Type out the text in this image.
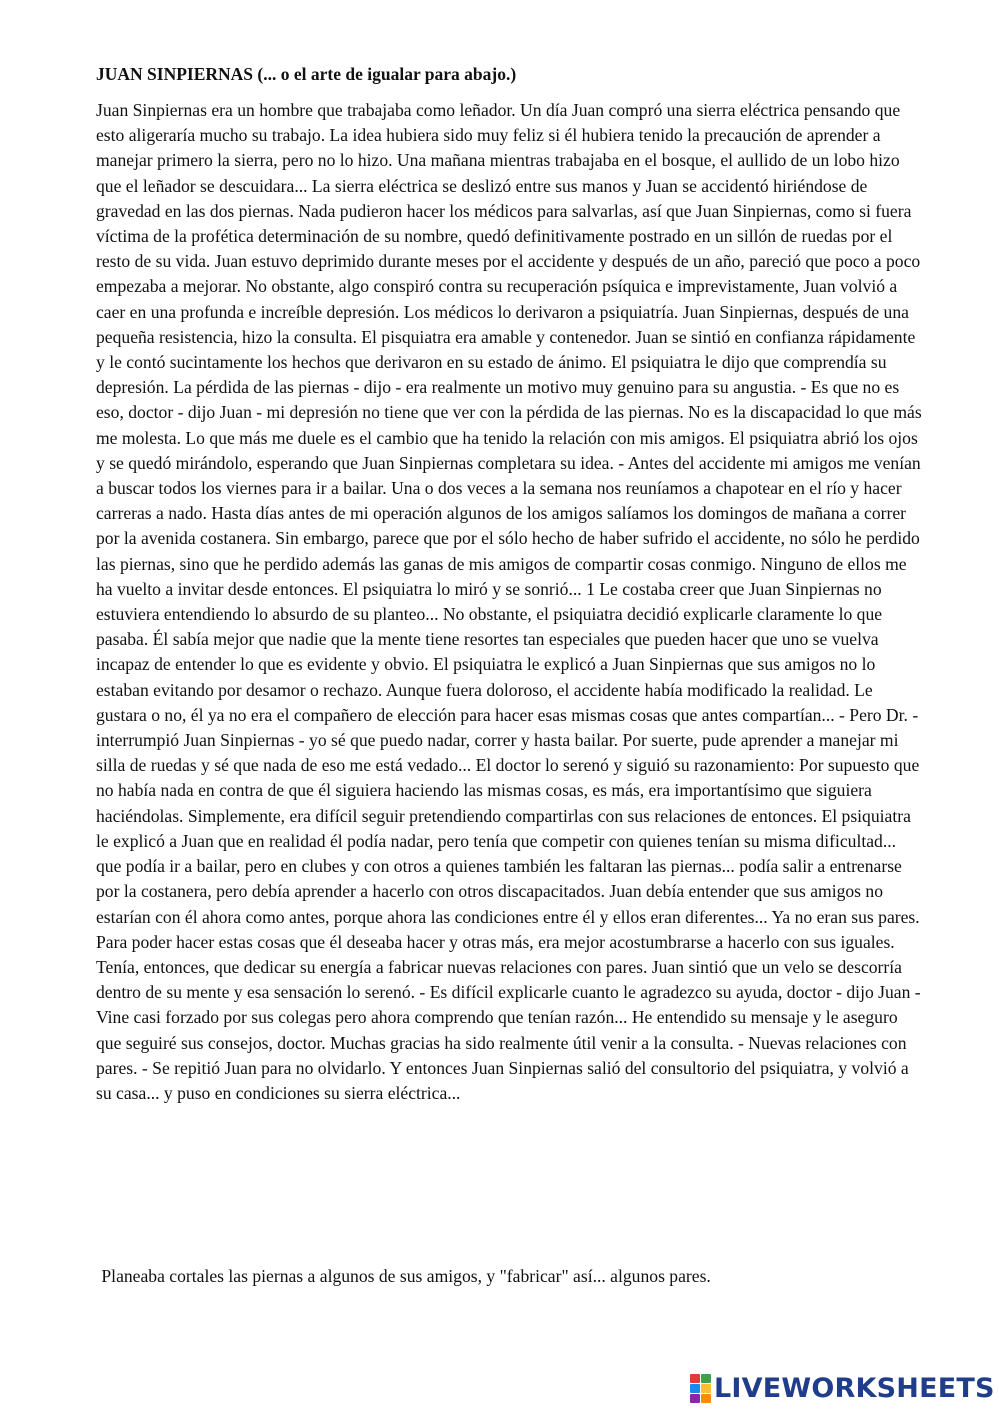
JUAN SINPIERNAS (... o el arte de igualar para abajo.)
Juan Sinpiernas era un hombre que trabajaba como leñador. Un día Juan compró una sierra eléctrica pensando que esto aligeraría mucho su trabajo. La idea hubiera sido muy feliz si él hubiera tenido la precaución de aprender a manejar primero la sierra, pero no lo hizo. Una mañana mientras trabajaba en el bosque, el aullido de un lobo hizo que el leñador se descuidara... La sierra eléctrica se deslizó entre sus manos y Juan se accidentó hiriéndose de gravedad en las dos piernas. Nada pudieron hacer los médicos para salvarlas, así que Juan Sinpiernas, como si fuera víctima de la profética determinación de su nombre, quedó definitivamente postrado en un sillón de ruedas por el resto de su vida. Juan estuvo deprimido durante meses por el accidente y después de un año, pareció que poco a poco empezaba a mejorar. No obstante, algo conspiró contra su recuperación psíquica e imprevistamente, Juan volvió a caer en una profunda e increíble depresión. Los médicos lo derivaron a psiquiatría. Juan Sinpiernas, después de una pequeña resistencia, hizo la consulta. El pisquiatra era amable y contenedor. Juan se sintió en confianza rápidamente y le contó sucintamente los hechos que derivaron en su estado de ánimo. El psiquiatra le dijo que comprendía su depresión. La pérdida de las piernas - dijo - era realmente un motivo muy genuino para su angustia. - Es que no es eso, doctor - dijo Juan - mi depresión no tiene que ver con la pérdida de las piernas. No es la discapacidad lo que más me molesta. Lo que más me duele es el cambio que ha tenido la relación con mis amigos. El psiquiatra abrió los ojos y se quedó mirándolo, esperando que Juan Sinpiernas completara su idea. - Antes del accidente mi amigos me venían a buscar todos los viernes para ir a bailar. Una o dos veces a la semana nos reuníamos a chapotear en el río y hacer carreras a nado. Hasta días antes de mi operación algunos de los amigos salíamos los domingos de mañana a correr por la avenida costanera. Sin embargo, parece que por el sólo hecho de haber sufrido el accidente, no sólo he perdido las piernas, sino que he perdido además las ganas de mis amigos de compartir cosas conmigo. Ninguno de ellos me ha vuelto a invitar desde entonces. El psiquiatra lo miró y se sonrió... 1 Le costaba creer que Juan Sinpiernas no estuviera entendiendo lo absurdo de su planteo... No obstante, el psiquiatra decidió explicarle claramente lo que pasaba. Él sabía mejor que nadie que la mente tiene resortes tan especiales que pueden hacer que uno se vuelva incapaz de entender lo que es evidente y obvio. El psiquiatra le explicó a Juan Sinpiernas que sus amigos no lo estaban evitando por desamor o rechazo. Aunque fuera doloroso, el accidente había modificado la realidad. Le gustara o no, él ya no era el compañero de elección para hacer esas mismas cosas que antes compartían... - Pero Dr. - interrumpió Juan Sinpiernas - yo sé que puedo nadar, correr y hasta bailar. Por suerte, pude aprender a manejar mi silla de ruedas y sé que nada de eso me está vedado... El doctor lo serenó y siguió su razonamiento: Por supuesto que no había nada en contra de que él siguiera haciendo las mismas cosas, es más, era importantísimo que siguiera haciéndolas. Simplemente, era difícil seguir pretendiendo compartirlas con sus relaciones de entonces. El psiquiatra le explicó a Juan que en realidad él podía nadar, pero tenía que competir con quienes tenían su misma dificultad... que podía ir a bailar, pero en clubes y con otros a quienes también les faltaran las piernas... podía salir a entrenarse por la costanera, pero debía aprender a hacerlo con otros discapacitados. Juan debía entender que sus amigos no estarían con él ahora como antes, porque ahora las condiciones entre él y ellos eran diferentes... Ya no eran sus pares. Para poder hacer estas cosas que él deseaba hacer y otras más, era mejor acostumbrarse a hacerlo con sus iguales. Tenía, entonces, que dedicar su energía a fabricar nuevas relaciones con pares. Juan sintió que un velo se descorría dentro de su mente y esa sensación lo serenó. - Es difícil explicarle cuanto le agradezco su ayuda, doctor - dijo Juan - Vine casi forzado por sus colegas pero ahora comprendo que tenían razón... He entendido su mensaje y le aseguro que seguiré sus consejos, doctor. Muchas gracias ha sido realmente útil venir a la consulta. - Nuevas relaciones con pares. - Se repitió Juan para no olvidarlo. Y entonces Juan Sinpiernas salió del consultorio del psiquiatra, y volvió a su casa... y puso en condiciones su sierra eléctrica...
Planeaba cortales las piernas a algunos de sus amigos, y "fabricar" así... algunos pares.
LIVEWORKSHEETS
